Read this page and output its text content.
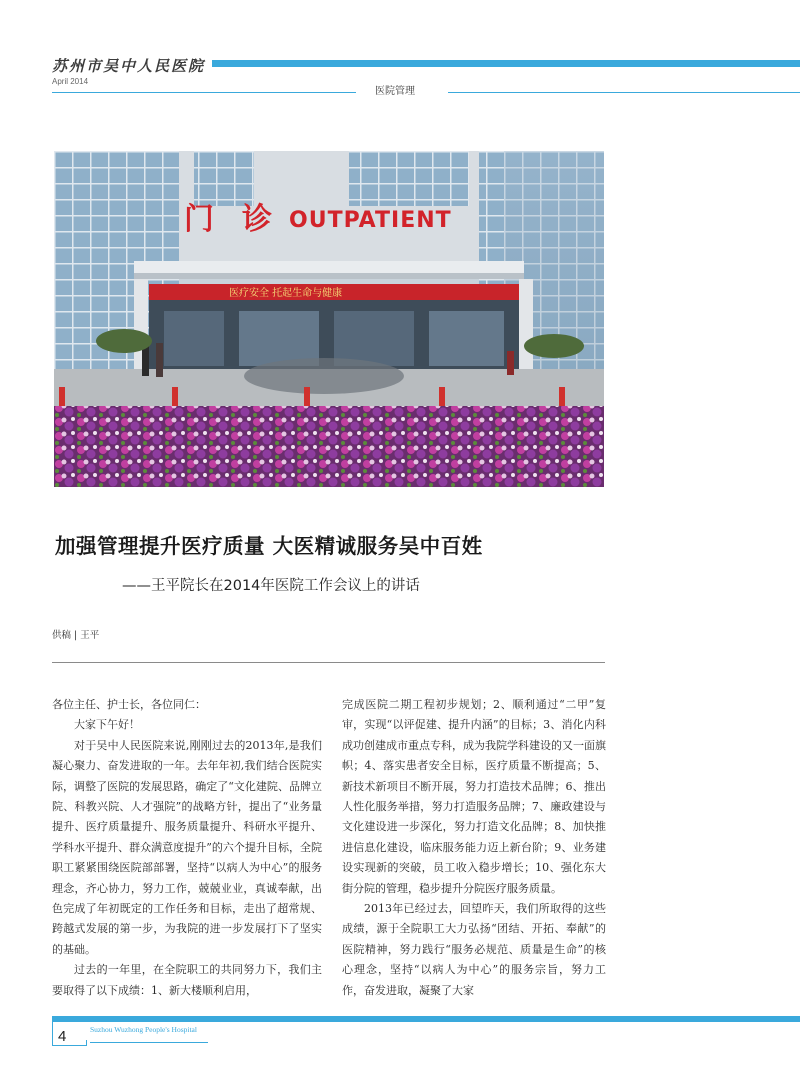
苏州市吴中人民医院
April 2014
医院管理
门 诊 OUTPATIENT
医疗安全 托起生命与健康
加强管理提升医疗质量 大医精诚服务吴中百姓
——王平院长在2014年医院工作会议上的讲话
供稿 | 王平

各位主任、护士长，各位同仁：

大家下午好！

对于吴中人民医院来说,刚刚过去的2013年,是我们凝心聚力、奋发进取的一年。去年年初,我们结合医院实际，调整了医院的发展思路，确定了“文化建院、品牌立院、科教兴院、人才强院”的战略方针，提出了“业务量提升、医疗质量提升、服务质量提升、科研水平提升、学科水平提升、群众满意度提升”的六个提升目标，全院职工紧紧围绕医院部部署，坚持“以病人为中心”的服务理念，齐心协力，努力工作，兢兢业业，真诚奉献，出色完成了年初既定的工作任务和目标，走出了超常规、跨越式发展的第一步，为我院的进一步发展打下了坚实的基础。

过去的一年里，在全院职工的共同努力下，我们主要取得了以下成绩：1、新大楼顺利启用，

完成医院二期工程初步规划；2、顺利通过“二甲”复审，实现“以评促建、提升内涵”的目标；3、消化内科成功创建成市重点专科，成为我院学科建设的又一面旗帜；4、落实患者安全目标，医疗质量不断提高；5、新技术新项目不断开展，努力打造技术品牌；6、推出人性化服务举措，努力打造服务品牌；7、廉政建设与文化建设进一步深化，努力打造文化品牌；8、加快推进信息化建设，临床服务能力迈上新台阶；9、业务建设实现新的突破，员工收入稳步增长；10、强化东大街分院的管理，稳步提升分院医疗服务质量。

2013年已经过去，回望昨天，我们所取得的这些成绩，源于全院职工大力弘扬“团结、开拓、奉献”的医院精神，努力践行“服务必规范、质量是生命”的核心理念，坚持“以病人为中心”的服务宗旨，努力工作，奋发进取，凝聚了大家

4	Suzhou Wuzhong People's Hospital
